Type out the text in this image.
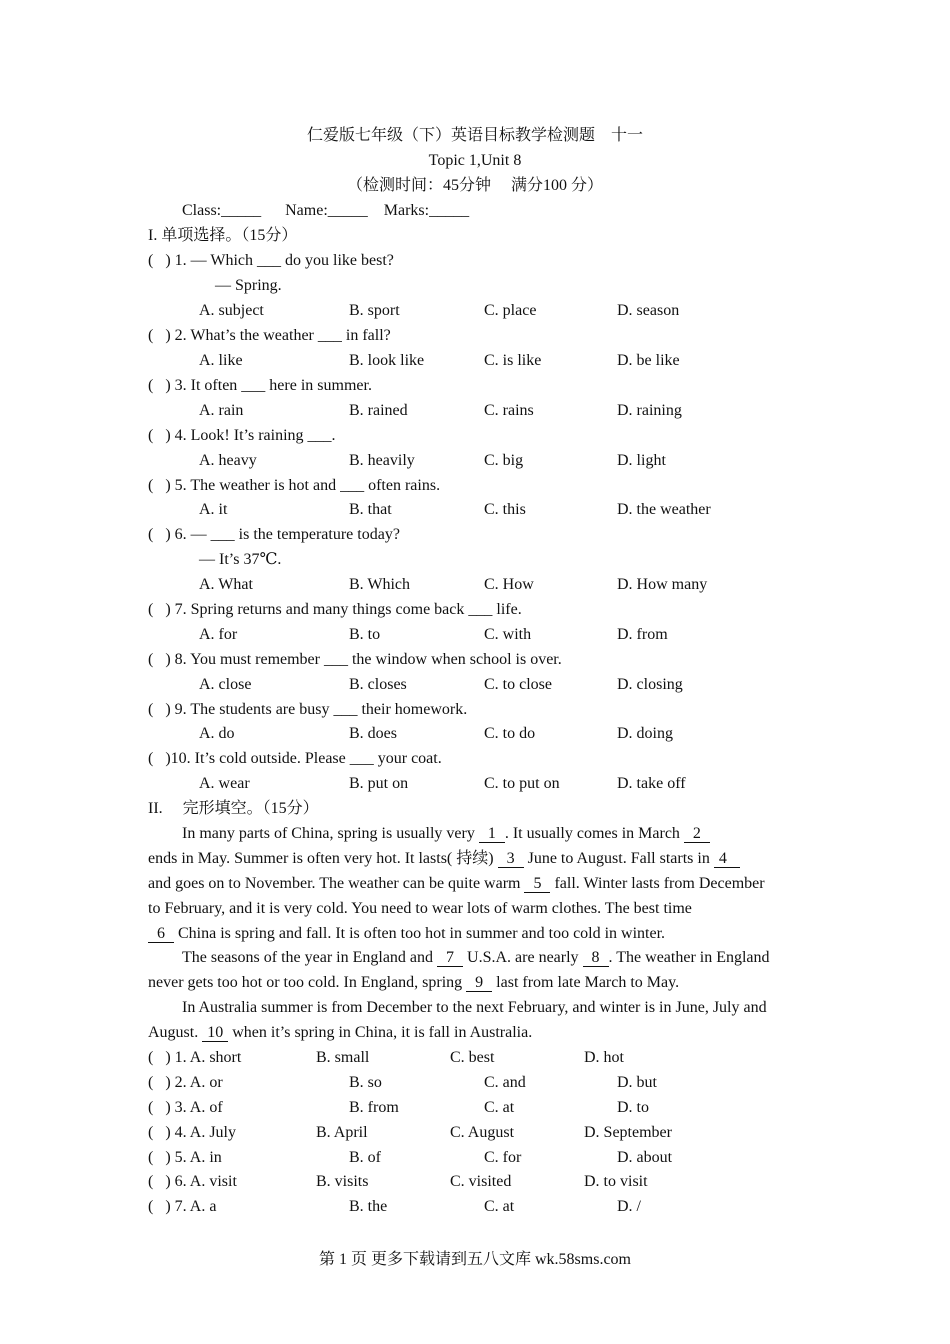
仁爱版七年级（下）英语目标教学检测题　十一
Topic 1,Unit 8
（检测时间：45分钟　 满分100 分）
Class:_____      Name:_____    Marks:_____
I. 单项选择。（15分）
(   ) 1. — Which ___ do you like best?
— Spring.
A. subject	B. sport	C. place	D. season
(   ) 2. What’s the weather ___ in fall?
A. like	B. look like	C. is like	D. be like
(   ) 3. It often ___ here in summer.
A. rain	B. rained	C. rains	D. raining
(   ) 4. Look! It’s raining ___.
A. heavy	B. heavily	C. big	D. light
(   ) 5. The weather is hot and ___ often rains.
A. it	B. that	C. this	D. the weather
(   ) 6. — ___ is the temperature today?
— It’s 37℃.
A. What	B. Which	C. How	D. How many
(   ) 7. Spring returns and many things come back ___ life.
A. for	B. to	C. with	D. from
(   ) 8. You must remember ___ the window when school is over.
A. close	B. closes	C. to close	D. closing
(   ) 9. The students are busy ___ their homework.
A. do	B. does	C. to do	D. doing
(   )10. It’s cold outside. Please ___ your coat.
A. wear	B. put on	C. to put on	D. take off
II.     完形填空。（15分）
In many parts of China, spring is usually very  1 . It usually comes in March  2
ends in May. Summer is often very hot. It lasts( 持续)  3  June to August. Fall starts in  4
and goes on to November. The weather can be quite warm  5  fall. Winter lasts from December
to February, and it is very cold. You need to wear lots of warm clothes. The best time
6  China is spring and fall. It is often too hot in summer and too cold in winter.
The seasons of the year in England and  7  U.S.A. are nearly  8 . The weather in England
never gets too hot or too cold. In England, spring  9  last from late March to May.
In Australia summer is from December to the next February, and winter is in June, July and
August.  10  when it’s spring in China, it is fall in Australia.
(   ) 1. A. short	B. small	C. best	D. hot
(   ) 2. A. or	B. so	C. and	D. but
(   ) 3. A. of	B. from	C. at	D. to
(   ) 4. A. July	B. April	C. August	D. September
(   ) 5. A. in	B. of	C. for	D. about
(   ) 6. A. visit	B. visits	C. visited	D. to visit
(   ) 7. A. a	B. the	C. at	D. /
第 1 页 更多下载请到五八文库 wk.58sms.com
